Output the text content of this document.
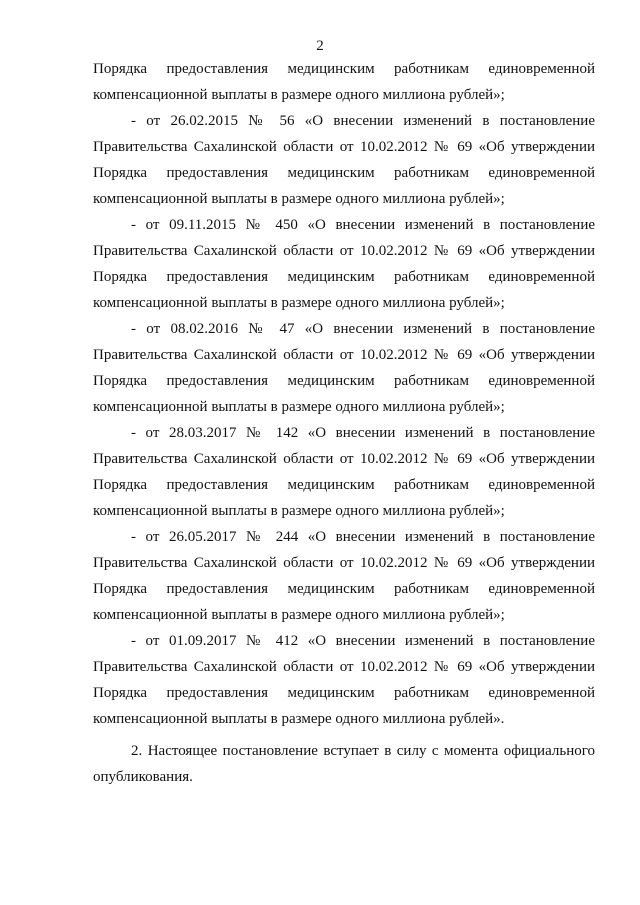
2
Порядка предоставления медицинским работникам единовременной
компенсационной выплаты в размере одного миллиона рублей»;
- от 26.02.2015 № 56 «О внесении изменений в постановление
Правительства Сахалинской области от 10.02.2012 № 69 «Об утверждении
Порядка предоставления медицинским работникам единовременной
компенсационной выплаты в размере одного миллиона рублей»;
- от 09.11.2015 № 450 «О внесении изменений в постановление
Правительства Сахалинской области от 10.02.2012 № 69 «Об утверждении
Порядка предоставления медицинским работникам единовременной
компенсационной выплаты в размере одного миллиона рублей»;
- от 08.02.2016 № 47 «О внесении изменений в постановление
Правительства Сахалинской области от 10.02.2012 № 69 «Об утверждении
Порядка предоставления медицинским работникам единовременной
компенсационной выплаты в размере одного миллиона рублей»;
- от 28.03.2017 № 142 «О внесении изменений в постановление
Правительства Сахалинской области от 10.02.2012 № 69 «Об утверждении
Порядка предоставления медицинским работникам единовременной
компенсационной выплаты в размере одного миллиона рублей»;
- от 26.05.2017 № 244 «О внесении изменений в постановление
Правительства Сахалинской области от 10.02.2012 № 69 «Об утверждении
Порядка предоставления медицинским работникам единовременной
компенсационной выплаты в размере одного миллиона рублей»;
- от 01.09.2017 № 412 «О внесении изменений в постановление
Правительства Сахалинской области от 10.02.2012 № 69 «Об утверждении
Порядка предоставления медицинским работникам единовременной
компенсационной выплаты в размере одного миллиона рублей».
2. Настоящее постановление вступает в силу с момента официального
опубликования.
